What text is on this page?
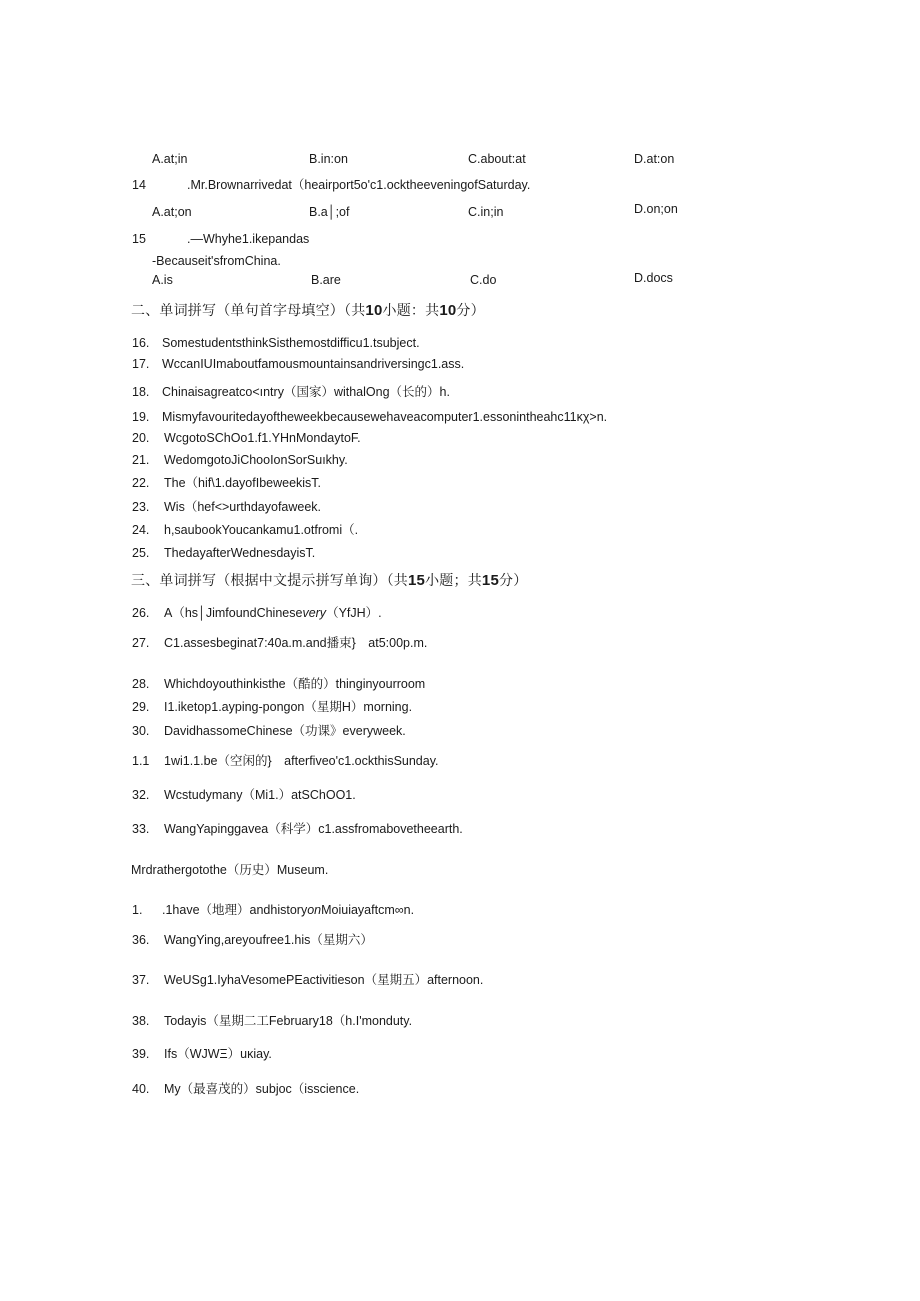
A.at;in	B.in:on	C.about:at	D.at:on
14	.Mr.Brownarrivedat（heairport5o'c1.ocktheeveningofSaturday.
A.at;on	B.a│;of	C.in;in	D.on;on
15	.—Whyhe1.ikepandas
-Becauseit'sfromChina.
A.is	B.are	C.do	D.docs
二、单词拼写（单句首字母填空）（共10小题：共10分）
16. SomestudentsthinkSisthemostdifficu1.tsubject.
17. WccanIUImaboutfamousmountainsandriversingc1.ass.
18. Chinaisagreatco<ıntry（国家）withalOng（长的）h.
19. Mismyfavouritedayoftheweekbecausewehaveacomputer1.essonintheahc11κχ>n.
20. WcgotoSChOo1.f1.YHnMondaytoF.
21. WedomgotoJiChooIonSorSuıkhy.
22. The（hif\1.dayofIbeweekisT.
23. Wis（hef<>urthdayofaweek.
24. h,saubookYoucankamu1.otfromi（.
25. ThedayafterWednesdayisT.
三、单词拼写（根据中文提示拼写单询）（共15小题；共15分）
26. A（hs│JimfoundChinesevery（YfJH）.
27. C1.assesbeginat7:40a.m.and播束}　at5:00p.m.
28. Whichdoyouthinkisthe（酷的）thinginyourroom
29. I1.iketop1.ayping-pongon（星期H）morning.
30. DavidhassomeChinese（功课》everyweek.
1.1 1wi1.1.be（空闲的}　afterfiveo'c1.ockthisSunday.
32. Wcstudymany（Mi1.）atSChOO1.
33. WangYapinggavea（科学）c1.assfromabovetheearth.
Mrdrathergotothe（历史）Museum.
1. .1have（地理）andhistoryonMoiuiayaftcm∞n.
36. WangYing,areyoufree1.his（星期六）
37. WeUSg1.IyhaVesomePEactivitieson（星期五）afternoon.
38. Todayis（星期二工February18（h.I'monduty.
39. Ifs（WJWΞ）uκiay.
40. My（最喜茂的）subjoc（isscience.
